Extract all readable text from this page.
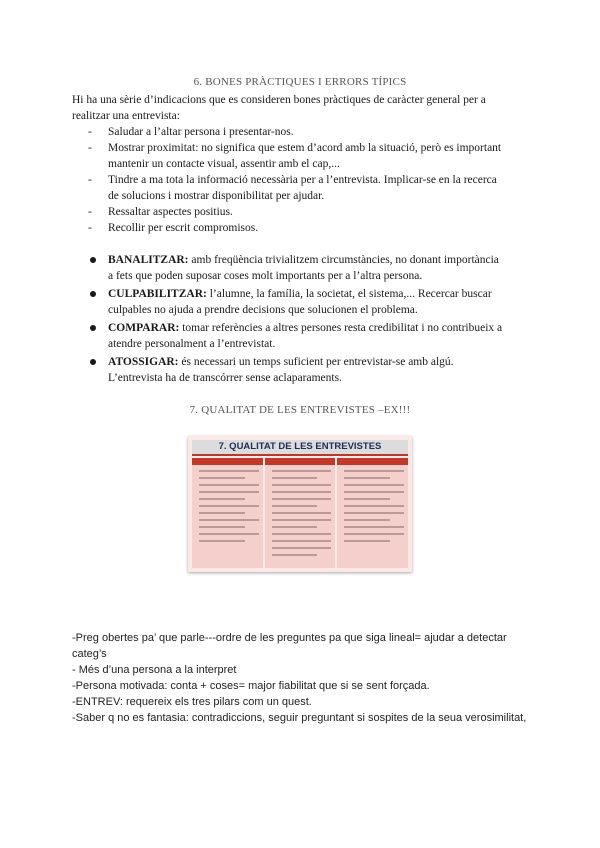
6. BONES PRÀCTIQUES I ERRORS TÍPICS
Hi ha una sèrie d’indicacions que es consideren bones pràctiques de caràcter general per a
realitzar una entrevista:
- Saludar a l’altar persona i presentar-nos.
- Mostrar proximitat: no significa que estem d’acord amb la situació, però es important
mantenir un contacte visual, assentir amb el cap,...
- Tindre a ma tota la informació necessària per a l’entrevista. Implicar-se en la recerca
de solucions i mostrar disponibilitat per ajudar.
- Ressaltar aspectes positius.
- Recollir per escrit compromisos.
BANALITZAR: amb freqüència trivialitzem circumstàncies, no donant importància
a fets que poden suposar coses molt importants per a l’altra persona.
CULPABILITZAR: l’alumne, la família, la societat, el sistema,... Recercar buscar
culpables no ajuda a prendre decisions que solucionen el problema.
COMPARAR: tomar referències a altres persones resta credibilitat i no contribueix a
atendre personalment a l’entrevistat.
ATOSSIGAR: és necessari un temps suficient per entrevistar-se amb algú.
L’entrevista ha de transcórrer sense aclaparaments.
7. QUALITAT DE LES ENTREVISTES –EX!!!
7. QUALITAT DE LES ENTREVISTES
-Preg obertes pa’ que parle---ordre de les preguntes pa que siga lineal= ajudar a detectar
categ’s
- Més d’una persona a la interpret
-Persona motivada: conta + coses= major fiabilitat que si se sent forçada.
-ENTREV: requereix els tres pilars com un quest.
-Saber q no es fantasia: contradiccions, seguir preguntant si sospites de la seua verosimilitat,
